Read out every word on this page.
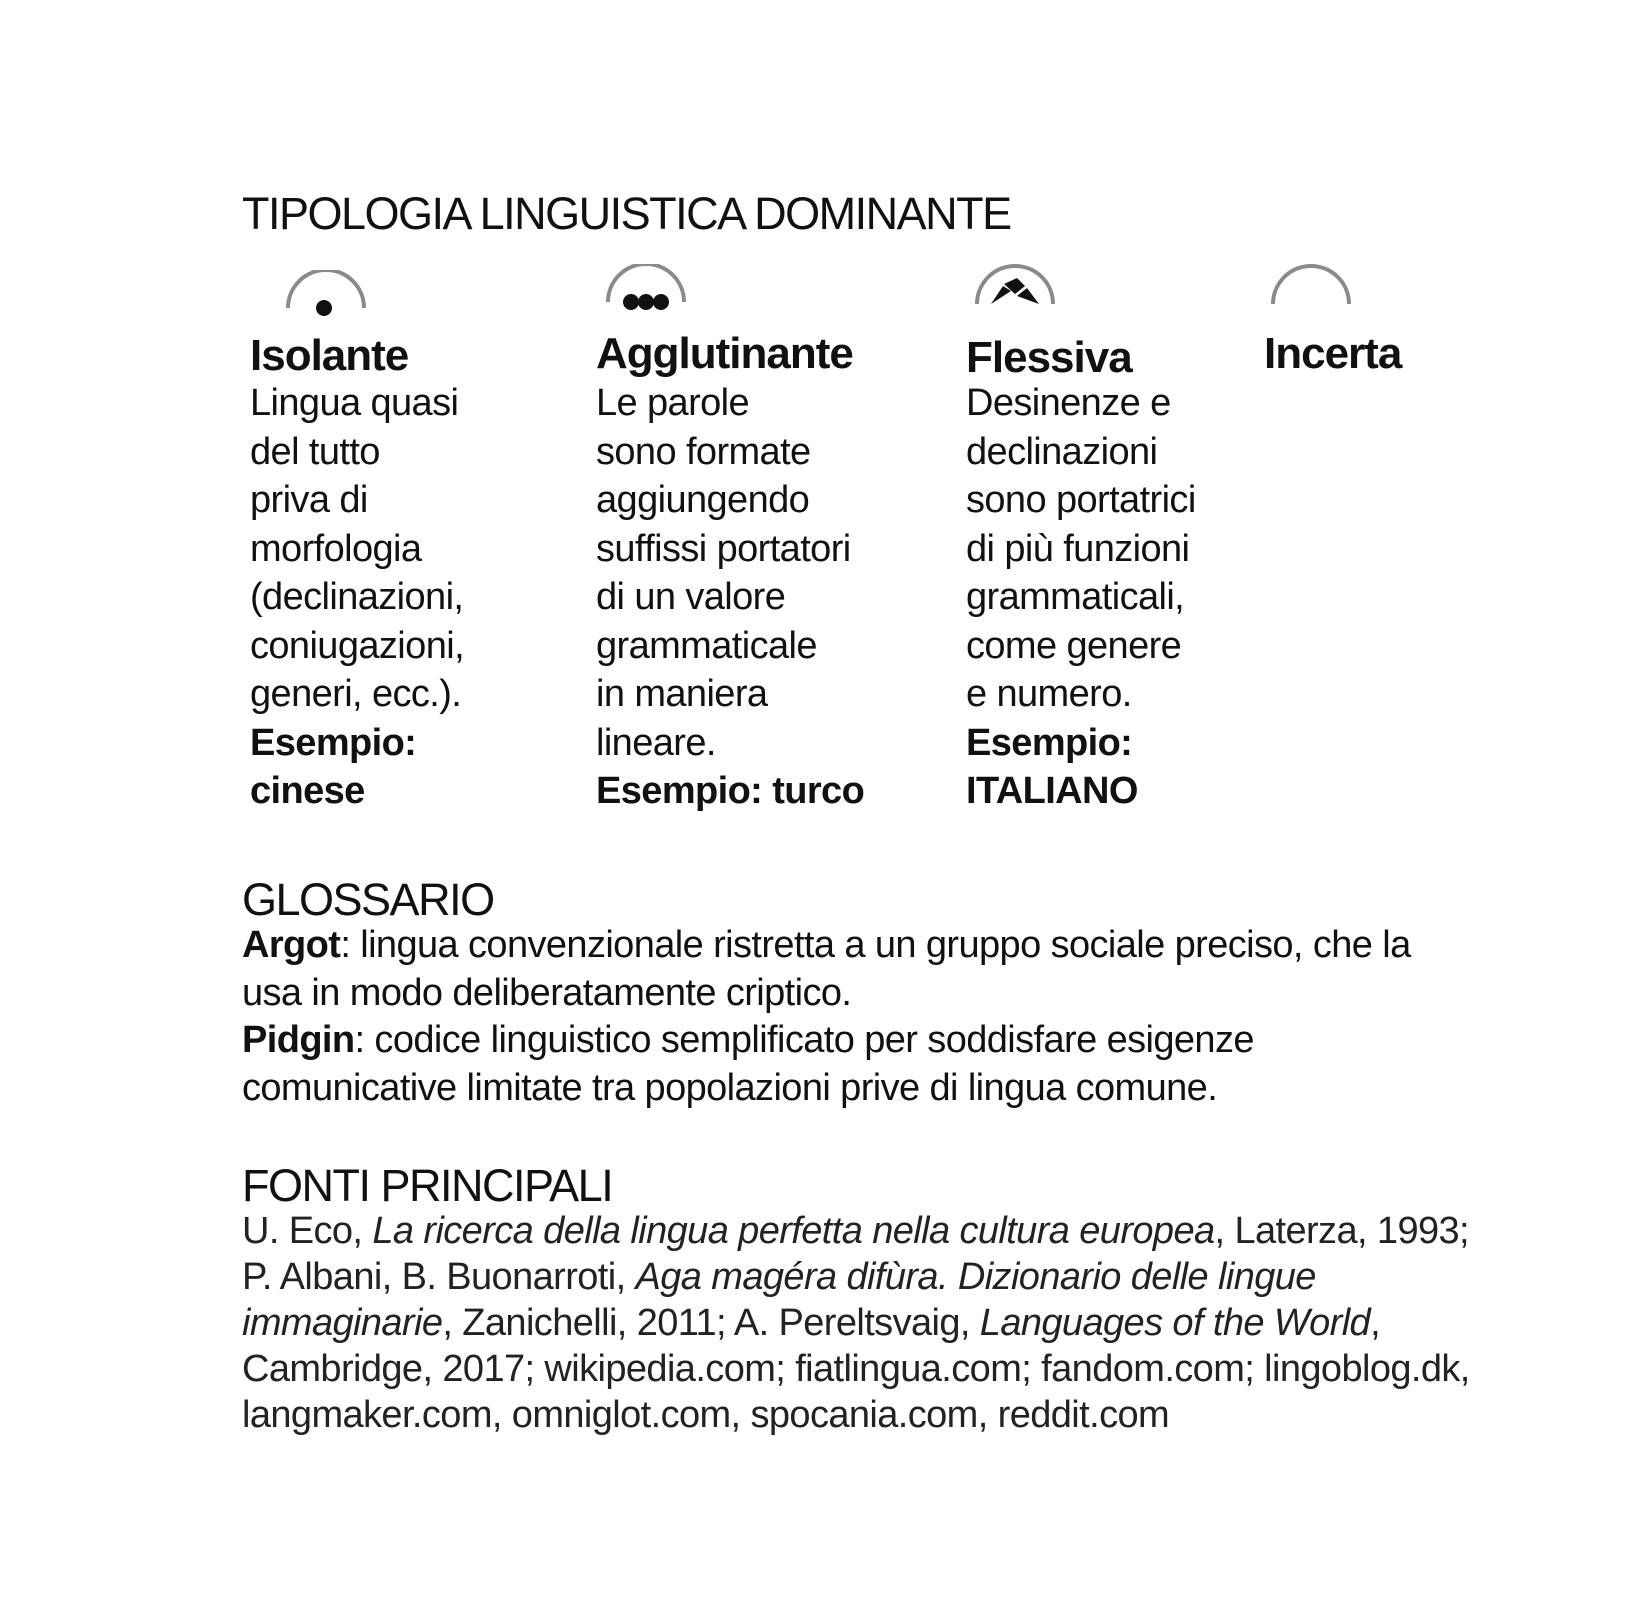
TIPOLOGIA LINGUISTICA DOMINANTE
Isolante
Lingua quasi
del tutto
priva di
morfologia
(declinazioni,
coniugazioni,
generi, ecc.).
Esempio:
cinese
Agglutinante
Le parole
sono formate
aggiungendo
suffissi portatori
di un valore
grammaticale
in maniera
lineare.
Esempio: turco
Flessiva
Desinenze e
declinazioni
sono portatrici
di più funzioni
grammaticali,
come genere
e numero.
Esempio:
ITALIANO
Incerta
GLOSSARIO
Argot: lingua convenzionale ristretta a un gruppo sociale preciso, che la usa in modo deliberatamente criptico.
Pidgin: codice linguistico semplificato per soddisfare esigenze comunicative limitate tra popolazioni prive di lingua comune.
FONTI PRINCIPALI
U. Eco, La ricerca della lingua perfetta nella cultura europea, Laterza, 1993; P. Albani, B. Buonarroti, Aga magéra difùra. Dizionario delle lingue immaginarie, Zanichelli, 2011; A. Pereltsvaig, Languages of the World, Cambridge, 2017; wikipedia.com; fiatlingua.com; fandom.com; lingoblog.dk, langmaker.com, omniglot.com, spocania.com, reddit.com
